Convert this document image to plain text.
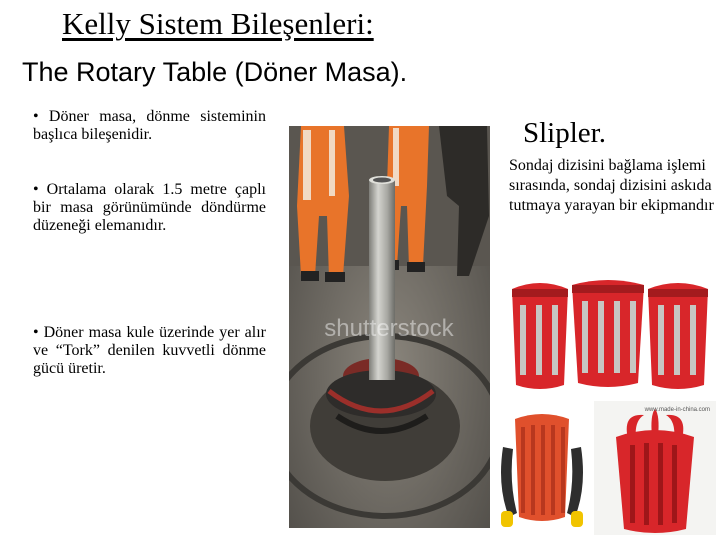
Kelly Sistem Bileşenleri:
The Rotary Table (Döner Masa).
• Döner masa, dönme sisteminin başlıca bileşenidir.
• Ortalama olarak 1.5 metre çaplı bir masa görünümünde döndürme düzeneği elemanıdır.
• Döner masa kule üzerinde yer alır ve “Tork” denilen kuvvetli dönme gücü üretir.
shutterstock
Slipler.
Sondaj dizisini bağlama işlemi sırasında, sondaj dizisini askıda tutmaya yarayan bir ekipmandır
www.made-in-china.com
